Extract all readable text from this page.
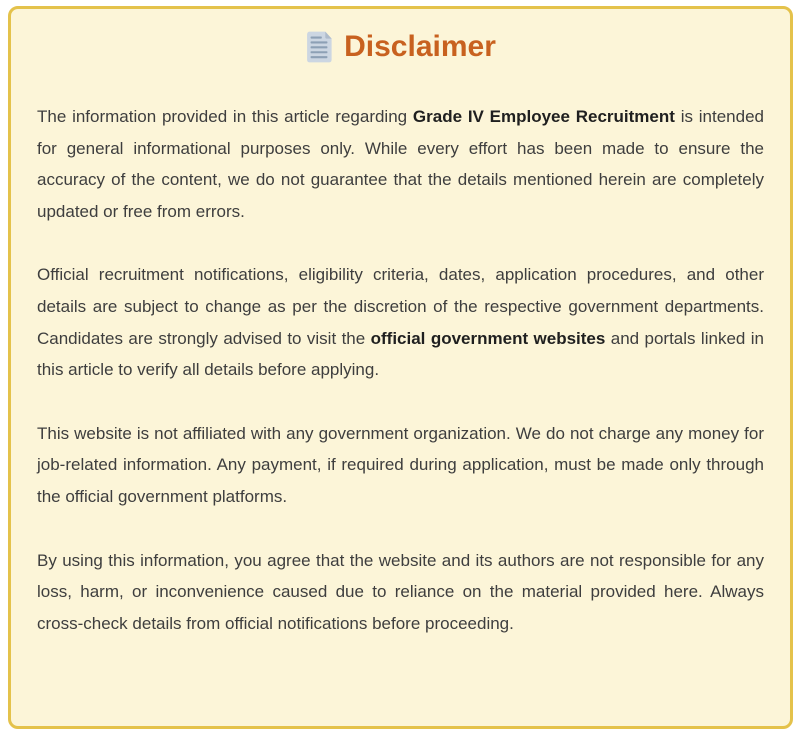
Disclaimer

The information provided in this article regarding Grade IV Employee Recruitment is intended for general informational purposes only. While every effort has been made to ensure the accuracy of the content, we do not guarantee that the details mentioned herein are completely updated or free from errors.

Official recruitment notifications, eligibility criteria, dates, application procedures, and other details are subject to change as per the discretion of the respective government departments. Candidates are strongly advised to visit the official government websites and portals linked in this article to verify all details before applying.

This website is not affiliated with any government organization. We do not charge any money for job-related information. Any payment, if required during application, must be made only through the official government platforms.

By using this information, you agree that the website and its authors are not responsible for any loss, harm, or inconvenience caused due to reliance on the material provided here. Always cross-check details from official notifications before proceeding.
